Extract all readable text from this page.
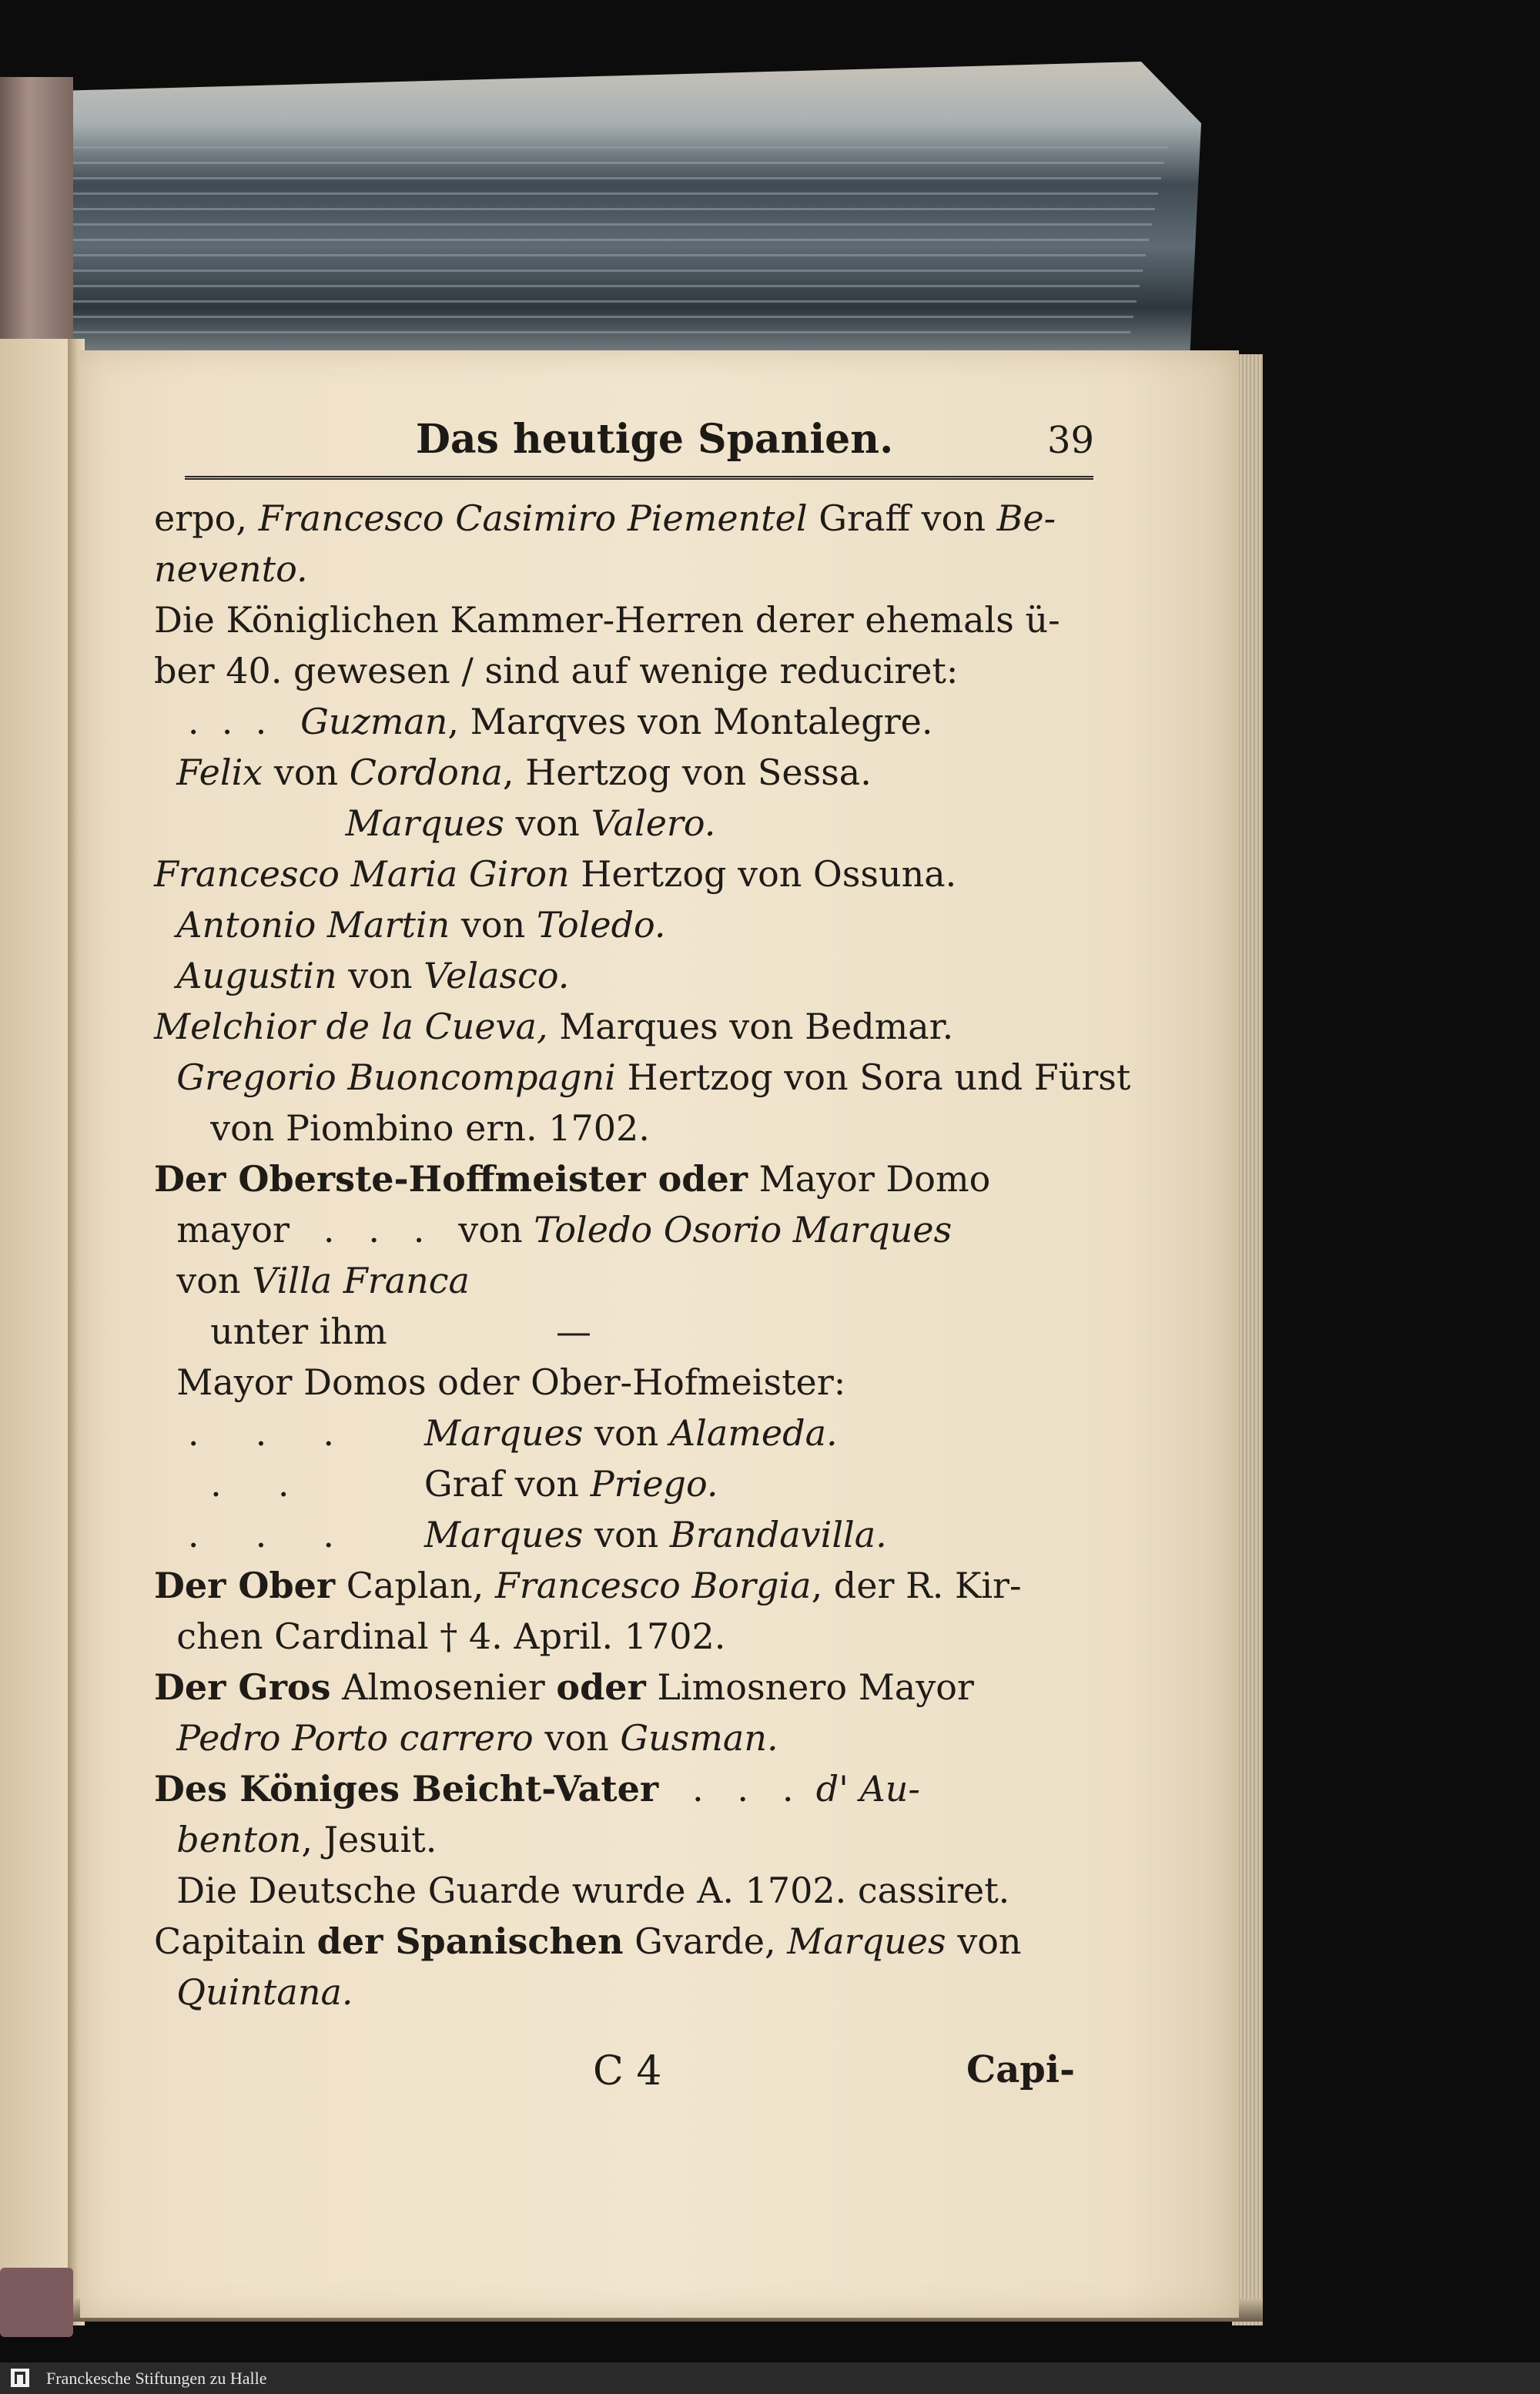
Das heutige Spanien.	39
erpo, Francesco Casimiro Piementel Graff von Be-
nevento.
Die Königlichen Kammer-Herren derer ehemals ü-
ber 40. gewesen / sind auf wenige reduciret:
.  .  .   Guzman, Marqves von Montalegre.
Felix von Cordona, Hertzog von Sessa.
Marques von Valero.
Francesco Maria Giron Hertzog von Ossuna.
Antonio Martin von Toledo.
Augustin von Velasco.
Melchior de la Cueva, Marques von Bedmar.
Gregorio Buoncompagni Hertzog von Sora und Fürst
von Piombino ern. 1702.
Der Oberste-Hoffmeister oder Mayor Domo
mayor   .   .   .   von Toledo Osorio Marques
von Villa Franca
unter ihm               —
Mayor Domos oder Ober-Hofmeister:
.     .     .        Marques von Alameda.
.     .            Graf von Priego.
.     .     .        Marques von Brandavilla.
Der Ober Caplan, Francesco Borgia, der R. Kir-
chen Cardinal † 4. April. 1702.
Der Gros Almosenier oder Limosnero Mayor
Pedro Porto carrero von Gusman.
Des Königes Beicht-Vater   .   .   .  d' Au-
benton, Jesuit.
Die Deutsche Guarde wurde A. 1702. cassiret.
Capitain der Spanischen Gvarde, Marques von
Quintana.
C 4	Capi-
Franckesche Stiftungen zu Halle
